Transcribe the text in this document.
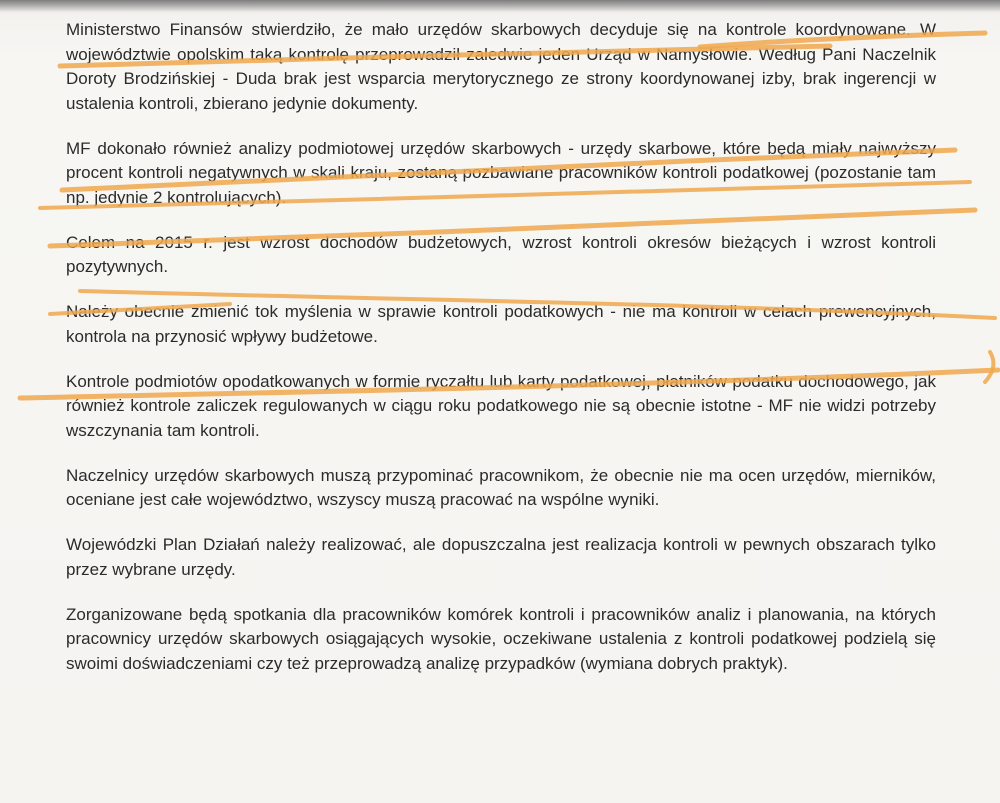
Ministerstwo Finansów stwierdziło, że mało urzędów skarbowych decyduje się na kontrole koordynowane. W województwie opolskim taką kontrolę przeprowadził zaledwie jeden Urząd w Namysłowie. Według Pani Naczelnik Doroty Brodzińskiej - Duda brak jest wsparcia merytorycznego ze strony koordynowanej izby, brak ingerencji w ustalenia kontroli, zbierano jedynie dokumenty.

MF dokonało również analizy podmiotowej urzędów skarbowych - urzędy skarbowe, które będą miały najwyższy procent kontroli negatywnych w skali kraju, zostaną pozbawiane pracowników kontroli podatkowej (pozostanie tam np. jedynie 2 kontrolujących).

Celem na 2015 r. jest wzrost dochodów budżetowych, wzrost kontroli okresów bieżących i wzrost kontroli pozytywnych.

Należy obecnie zmienić tok myślenia w sprawie kontroli podatkowych - nie ma kontroli w celach prewencyjnych, kontrola na przynosić wpływy budżetowe.

Kontrole podmiotów opodatkowanych w formie ryczałtu lub karty podatkowej, płatników podatku dochodowego, jak również kontrole zaliczek regulowanych w ciągu roku podatkowego nie są obecnie istotne - MF nie widzi potrzeby wszczynania tam kontroli.

Naczelnicy urzędów skarbowych muszą przypominać pracownikom, że obecnie nie ma ocen urzędów, mierników, oceniane jest całe województwo, wszyscy muszą pracować na wspólne wyniki.

Wojewódzki Plan Działań należy realizować, ale dopuszczalna jest realizacja kontroli w pewnych obszarach tylko przez wybrane urzędy.

Zorganizowane będą spotkania dla pracowników komórek kontroli i pracowników analiz i planowania, na których pracownicy urzędów skarbowych osiągających wysokie, oczekiwane ustalenia z kontroli podatkowej podzielą się swoimi doświadczeniami czy też przeprowadzą analizę przypadków (wymiana dobrych praktyk).
